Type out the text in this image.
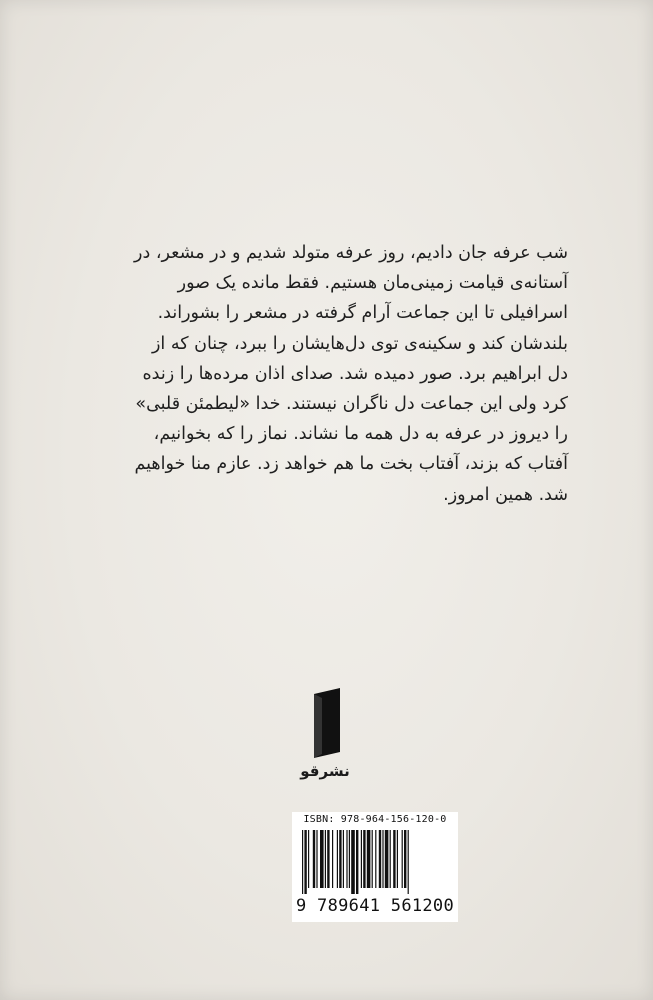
شب عرفه جان دادیم، روز عرفه متولد شدیم و در مشعر، در
آستانه‌ی قیامت زمینی‌مان هستیم. فقط مانده یک صور
اسرافیلی تا این جماعت آرام گرفته در مشعر را بشوراند.
بلندشان کند و سکینه‌ی توی دل‌هایشان را ببرد، چنان که از
دل ابراهیم برد. صور دمیده شد. صدای اذان مرده‌ها را زنده
کرد ولی این جماعت دل ناگران نیستند. خدا «لیطمئن قلبی»
را دیروز در عرفه به دل همه ما نشاند. نماز را که بخوانیم،
آفتاب که بزند، آفتاب بخت ما هم خواهد زد. عازم منا خواهیم
شد. همین امروز.
نشرقو
ISBN: 978-964-156-120-0
9 789641 561200
